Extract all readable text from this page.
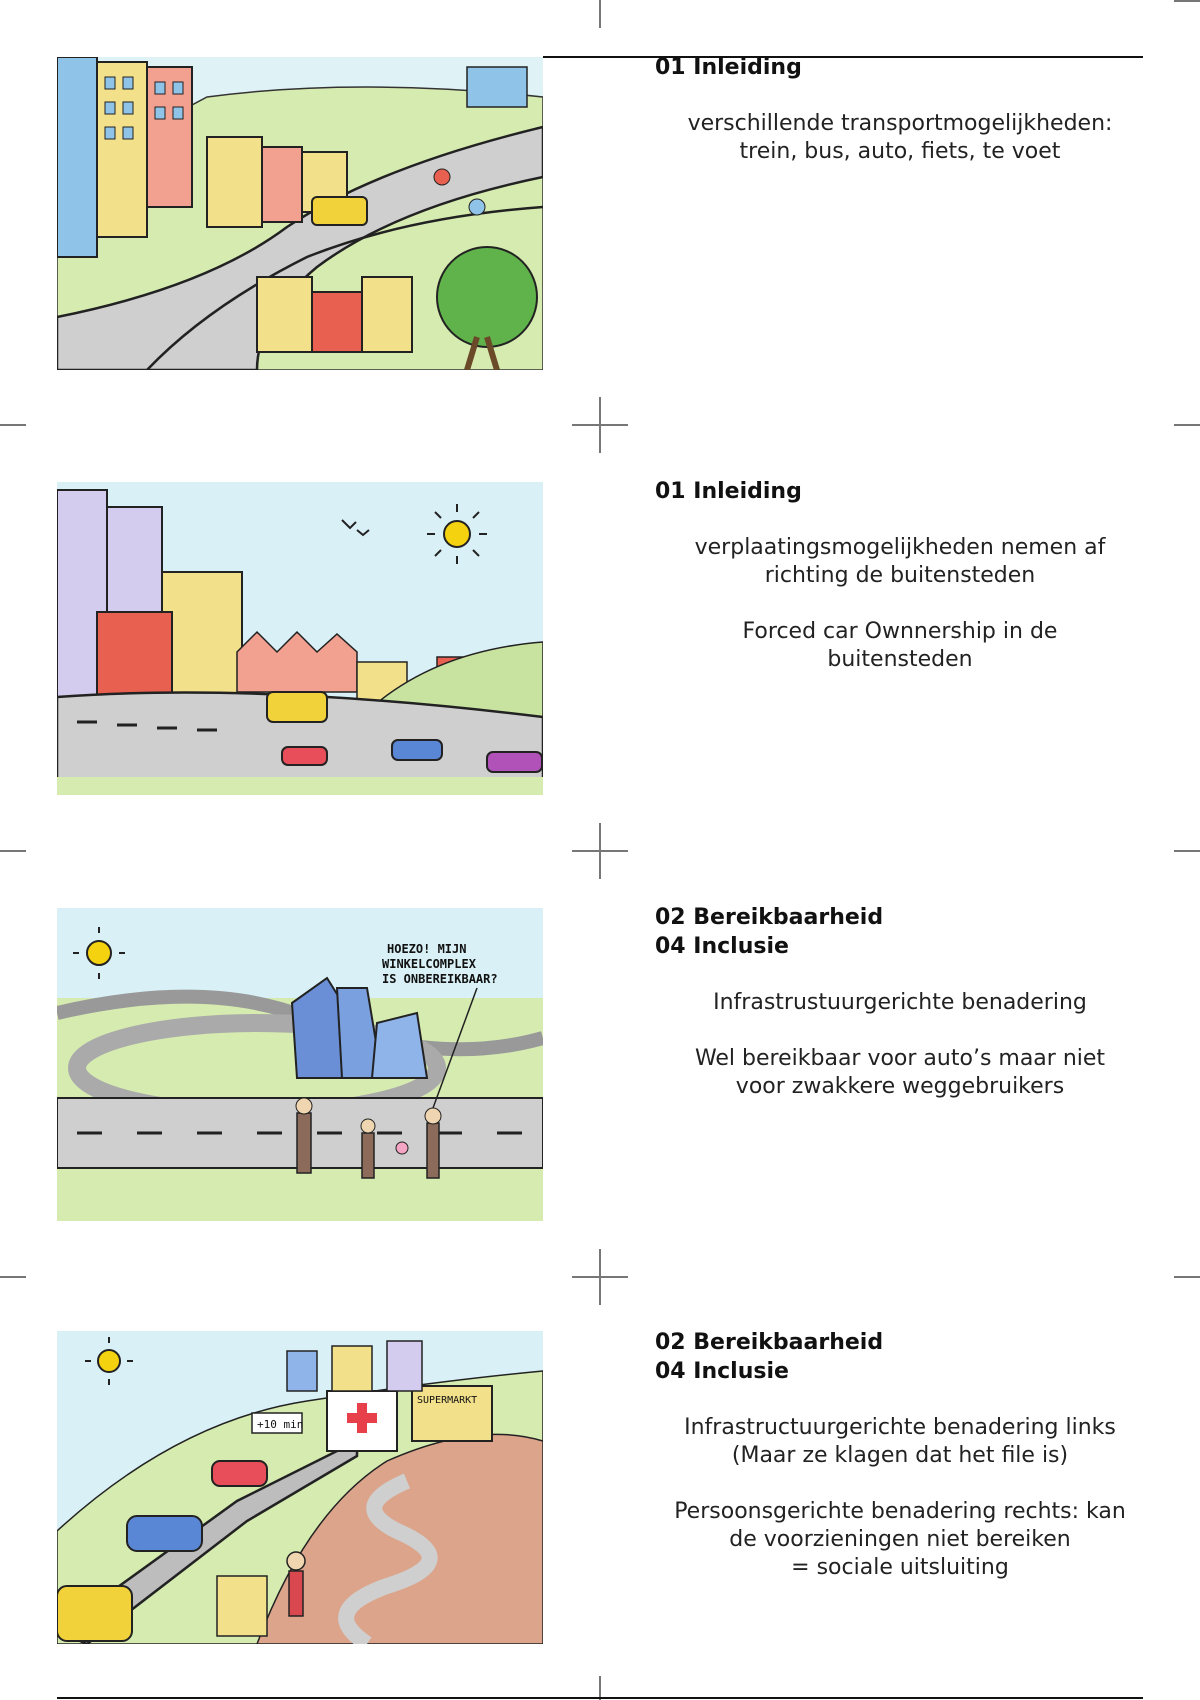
01 Inleiding

verschillende transportmogelijkheden:

trein, bus, auto, fiets, te voet

01 Inleiding

verplaatingsmogelijkheden nemen af

richting de buitensteden

Forced car Ownnership in de

buitensteden

HOEZO! MIJN
WINKELCOMPLEX
IS ONBEREIKBAAR?

02 Bereikbaarheid

04 Inclusie

Infrastrustuurgerichte benadering

Wel bereikbaar voor auto’s maar niet

voor zwakkere weggebruikers

SUPERMARKT
+10 min

02 Bereikbaarheid

04 Inclusie

Infrastructuurgerichte benadering links

(Maar ze klagen dat het file is)

Persoonsgerichte benadering rechts: kan

de voorzieningen niet bereiken

= sociale uitsluiting
